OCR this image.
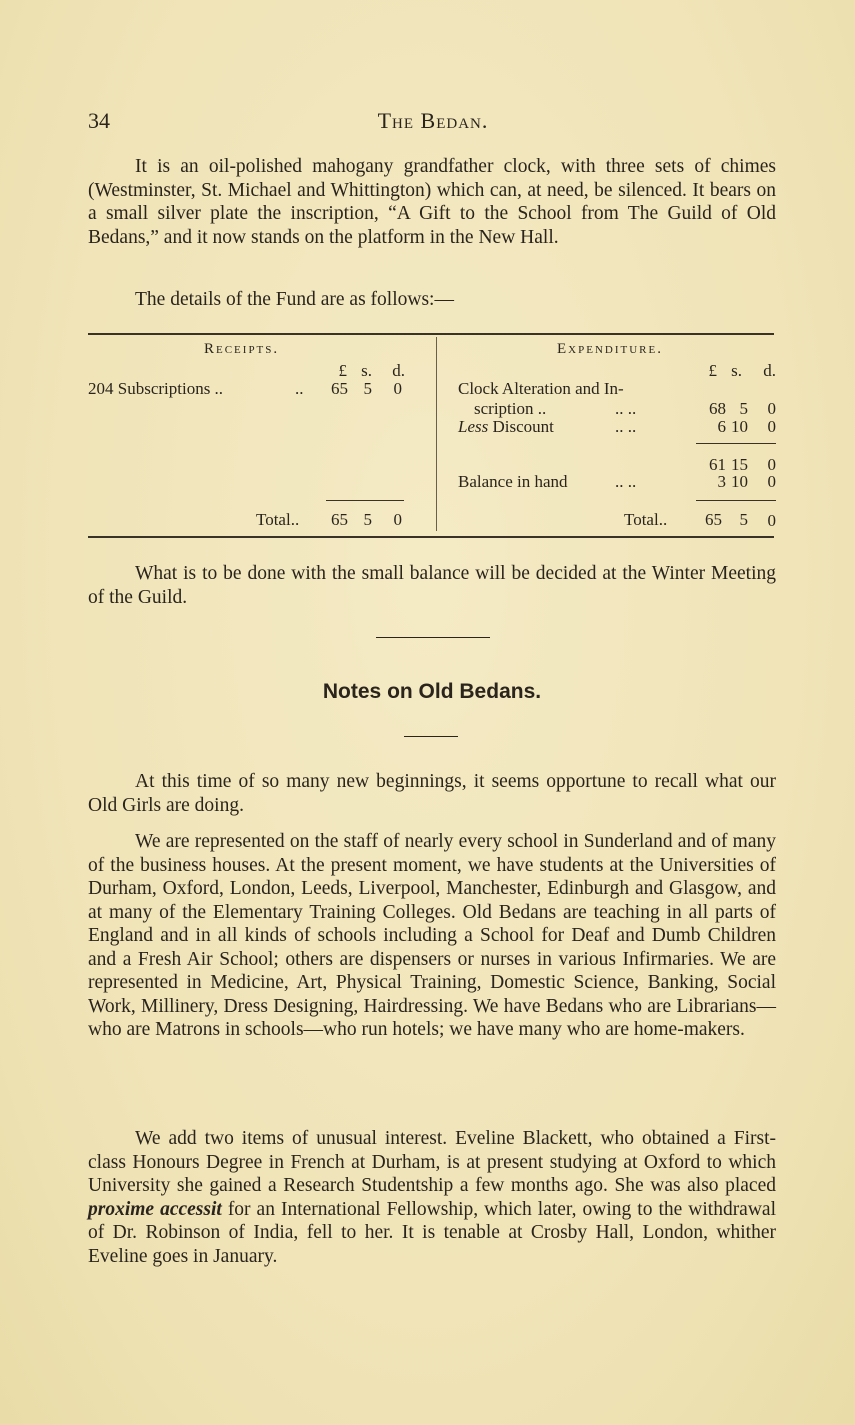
34	The Bedan.

It is an oil-polished mahogany grandfather clock, with three sets of chimes (Westminster, St. Michael and Whittington) which can, at need, be silenced. It bears on a small silver plate the inscription, “A Gift to the School from The Guild of Old Bedans,” and it now stands on the platform in the New Hall.

The details of the Fund are as follows:—

Receipts.
£ s.	d.
204 Subscriptions ..	..	65 5	0
Total..	65 5	0
Expenditure.
£ s.	d.
Clock Alteration and In-
scription ..	.. ..	68 5	0
Less Discount	.. ..	6 10	0
61 15	0
Balance in hand	.. ..	3 10	0
Total..	65	5	0

What is to be done with the small balance will be decided at the Winter Meeting of the Guild.

Notes on Old Bedans.

At this time of so many new beginnings, it seems opportune to recall what our Old Girls are doing.

We are represented on the staff of nearly every school in Sunderland and of many of the business houses. At the present moment, we have students at the Universities of Durham, Oxford, London, Leeds, Liverpool, Manchester, Edinburgh and Glasgow, and at many of the Elementary Training Colleges. Old Bedans are teaching in all parts of England and in all kinds of schools including a School for Deaf and Dumb Children and a Fresh Air School; others are dispensers or nurses in various Infirmaries. We are represented in Medicine, Art, Physical Training, Domestic Science, Banking, Social Work, Millinery, Dress Designing, Hairdressing. We have Bedans who are Librarians—who are Matrons in schools—who run hotels; we have many who are home-makers.

We add two items of unusual interest. Eveline Blackett, who obtained a First-class Honours Degree in French at Durham, is at present studying at Oxford to which University she gained a Research Studentship a few months ago. She was also placed proxime accessit for an International Fellowship, which later, owing to the withdrawal of Dr. Robinson of India, fell to her. It is tenable at Crosby Hall, London, whither Eveline goes in January.
